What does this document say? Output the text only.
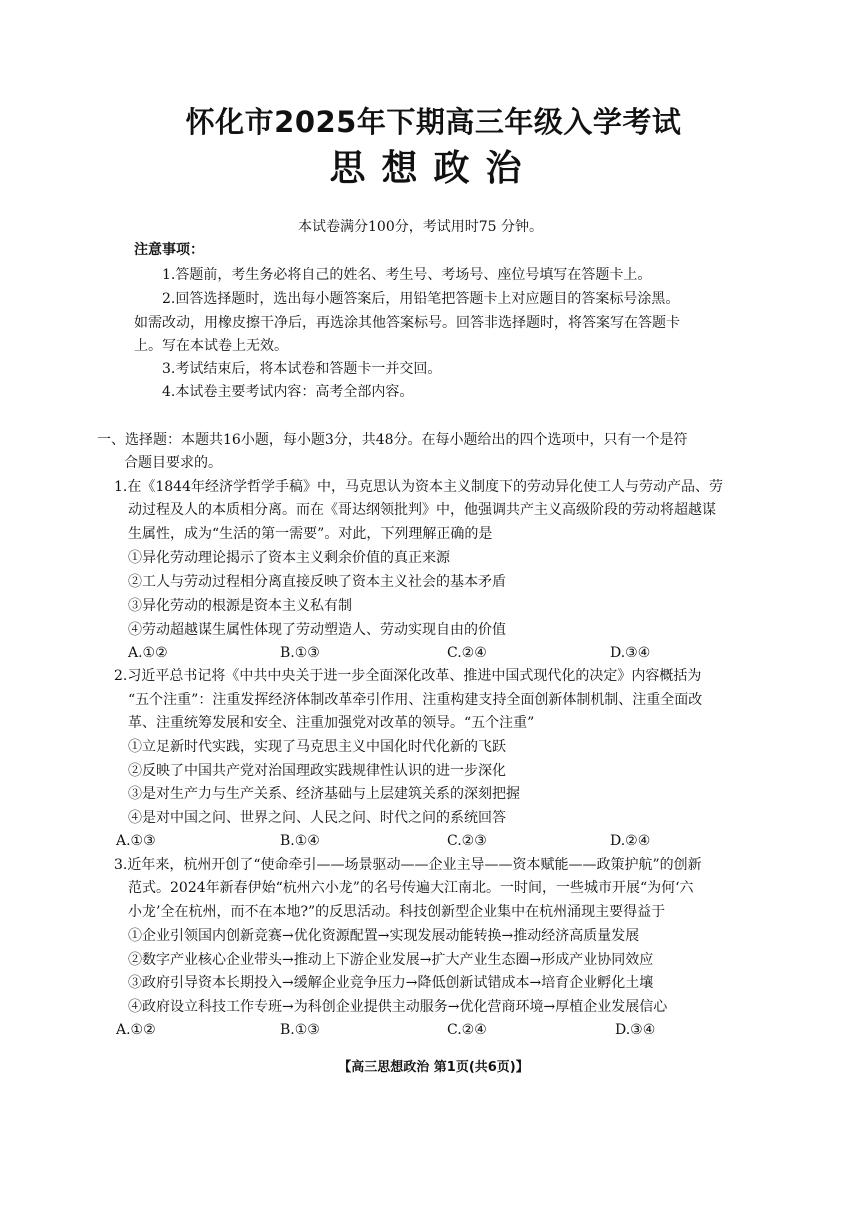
怀化市2025年下期高三年级入学考试
思想政治
本试卷满分100分，考试用时75 分钟。
注意事项：
1.答题前，考生务必将自己的姓名、考生号、考场号、座位号填写在答题卡上。
2.回答选择题时，选出每小题答案后，用铅笔把答题卡上对应题目的答案标号涂黑。
如需改动，用橡皮擦干净后，再选涂其他答案标号。回答非选择题时，将答案写在答题卡
上。写在本试卷上无效。
3.考试结束后，将本试卷和答题卡一并交回。
4.本试卷主要考试内容：高考全部内容。
一、选择题：本题共16小题，每小题3分，共48分。在每小题给出的四个选项中，只有一个是符
合题目要求的。
1.在《1844年经济学哲学手稿》中，马克思认为资本主义制度下的劳动异化使工人与劳动产品、劳
动过程及人的本质相分离。而在《哥达纲领批判》中，他强调共产主义高级阶段的劳动将超越谋
生属性，成为“生活的第一需要”。对此，下列理解正确的是
①异化劳动理论揭示了资本主义剩余价值的真正来源
②工人与劳动过程相分离直接反映了资本主义社会的基本矛盾
③异化劳动的根源是资本主义私有制
④劳动超越谋生属性体现了劳动塑造人、劳动实现自由的价值
A.①②	B.①③	C.②④	D.③④
2.习近平总书记将《中共中央关于进一步全面深化改革、推进中国式现代化的决定》内容概括为
“五个注重”：注重发挥经济体制改革牵引作用、注重构建支持全面创新体制机制、注重全面改
革、注重统筹发展和安全、注重加强党对改革的领导。“五个注重”
①立足新时代实践，实现了马克思主义中国化时代化新的飞跃
②反映了中国共产党对治国理政实践规律性认识的进一步深化
③是对生产力与生产关系、经济基础与上层建筑关系的深刻把握
④是对中国之问、世界之问、人民之问、时代之问的系统回答
A.①③	B.①④	C.②③	D.②④
3.近年来，杭州开创了“使命牵引——场景驱动——企业主导——资本赋能——政策护航”的创新
范式。2024年新春伊始“杭州六小龙”的名号传遍大江南北。一时间，一些城市开展“为何‘六
小龙’全在杭州，而不在本地?”的反思活动。科技创新型企业集中在杭州涌现主要得益于
①企业引领国内创新竞赛→优化资源配置→实现发展动能转换→推动经济高质量发展
②数字产业核心企业带头→推动上下游企业发展→扩大产业生态圈→形成产业协同效应
③政府引导资本长期投入→缓解企业竞争压力→降低创新试错成本→培育企业孵化土壤
④政府设立科技工作专班→为科创企业提供主动服务→优化营商环境→厚植企业发展信心
A.①②	B.①③	C.②④	D.③④
【高三思想政治 第1页(共6页)】
